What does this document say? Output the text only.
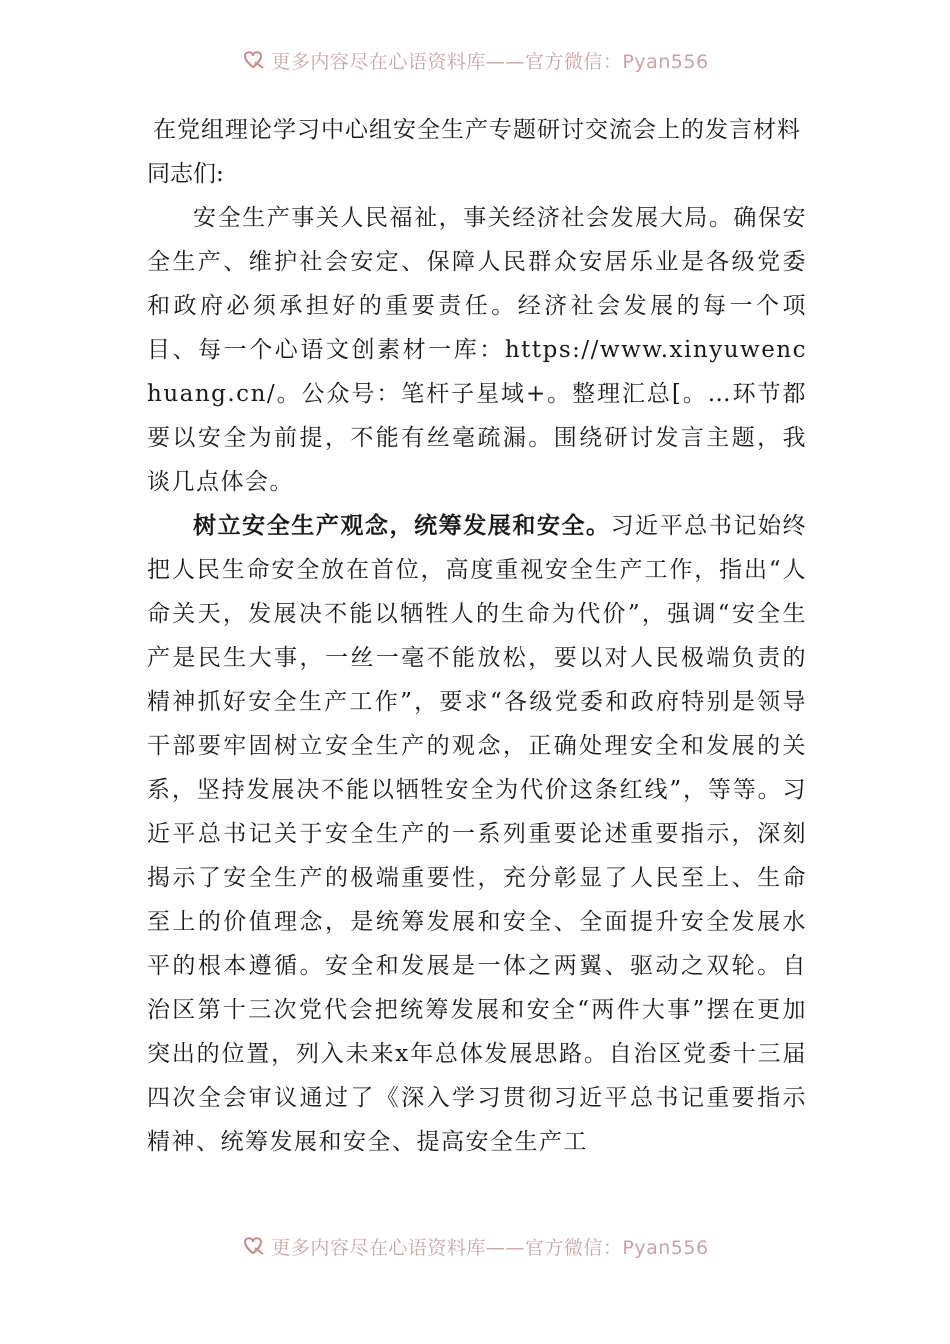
更多内容尽在心语资料库——官方微信：Pyan556
在党组理论学习中心组安全生产专题研讨交流会上的发言材料
同志们:

安全生产事关人民福祉，事关经济社会发展大局。确保安全生产、维护社会安定、保障人民群众安居乐业是各级党委和政府必须承担好的重要责任。经济社会发展的每一个项目、每一个心语文创素材一库：https://www.xinyuwenchuang.cn/。公众号：笔杆子星域+。整理汇总[。…环节都要以安全为前提，不能有丝毫疏漏。围绕研讨发言主题，我谈几点体会。

树立安全生产观念，统筹发展和安全。习近平总书记始终把人民生命安全放在首位，高度重视安全生产工作，指出“人命关天，发展决不能以牺牲人的生命为代价”，强调“安全生产是民生大事，一丝一毫不能放松，要以对人民极端负责的精神抓好安全生产工作”，要求“各级党委和政府特别是领导干部要牢固树立安全生产的观念，正确处理安全和发展的关系，坚持发展决不能以牺牲安全为代价这条红线”，等等。习近平总书记关于安全生产的一系列重要论述重要指示，深刻揭示了安全生产的极端重要性，充分彰显了人民至上、生命至上的价值理念，是统筹发展和安全、全面提升安全发展水平的根本遵循。安全和发展是一体之两翼、驱动之双轮。自治区第十三次党代会把统筹发展和安全“两件大事”摆在更加突出的位置，列入未来x年总体发展思路。自治区党委十三届四次全会审议通过了《深入学习贯彻习近平总书记重要指示精神、统筹发展和安全、提高安全生产工

更多内容尽在心语资料库——官方微信：Pyan556
